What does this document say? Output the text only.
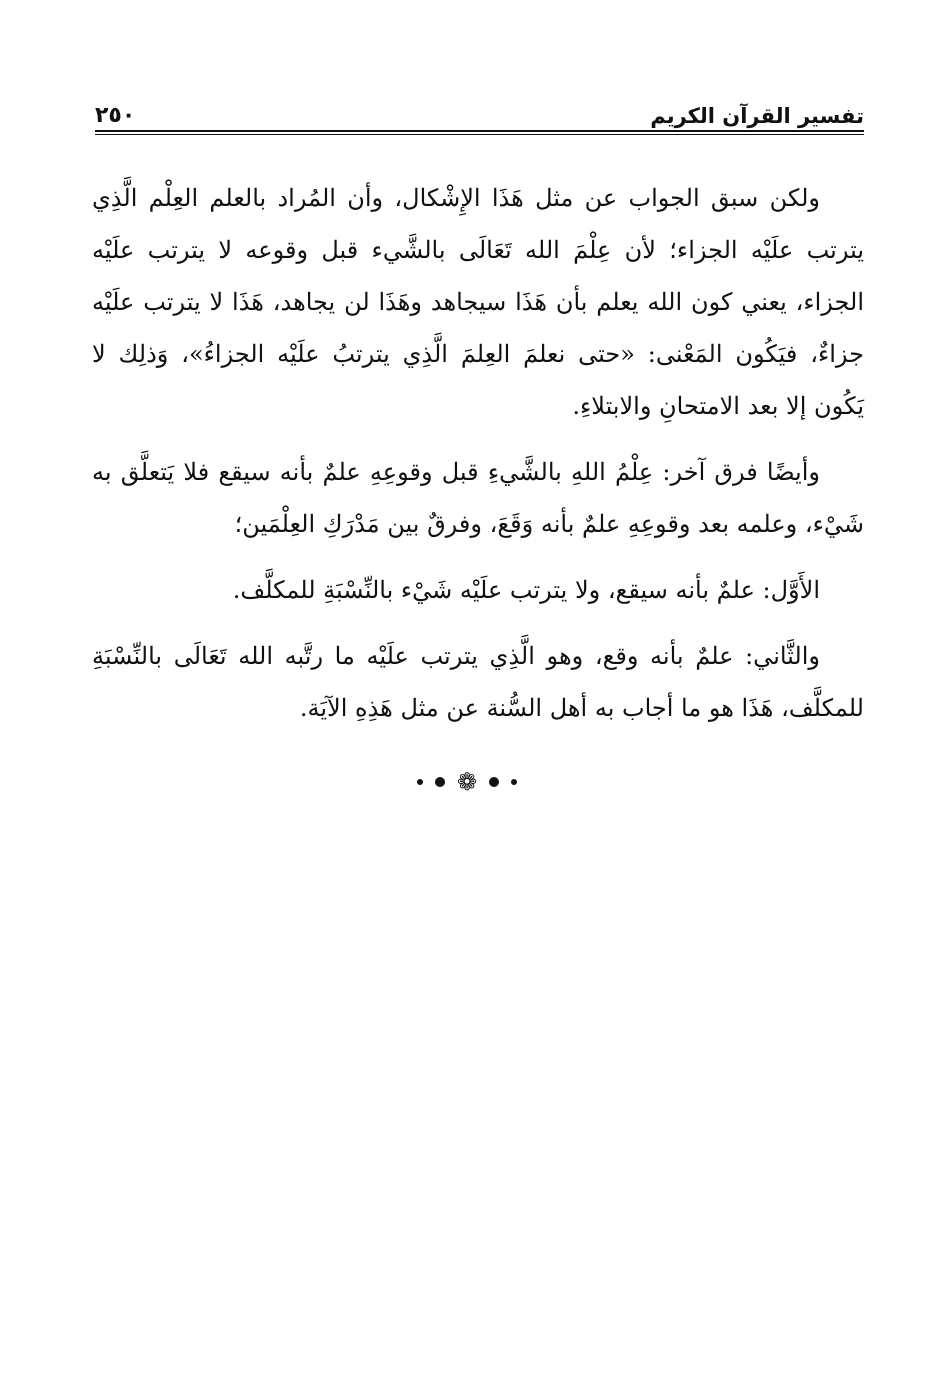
تفسير القرآن الكريم
٢٥٠

ولكن سبق الجواب عن مثل هَذَا الإِشْكال، وأن المُراد بالعلم العِلْم الَّذِي يترتب علَيْه الجزاء؛ لأن عِلْمَ الله تَعَالَى بالشَّيء قبل وقوعه لا يترتب علَيْه الجزاء، يعني كون الله يعلم بأن هَذَا سيجاهد وهَذَا لن يجاهد، هَذَا لا يترتب علَيْه جزاءٌ، فيَكُون المَعْنى: «حتى نعلمَ العِلمَ الَّذِي يترتبُ علَيْه الجزاءُ»، وَذلِك لا يَكُون إلا بعد الامتحانِ والابتلاءِ.

وأيضًا فرق آخر: عِلْمُ اللهِ بالشَّيءِ قبل وقوعِهِ علمٌ بأنه سيقع فلا يَتعلَّق به شَيْء، وعلمه بعد وقوعِهِ علمٌ بأنه وَقَعَ، وفرقٌ بين مَدْرَكِ العِلْمَين؛

الأَوَّل: علمٌ بأنه سيقع، ولا يترتب علَيْه شَيْء بالنِّسْبَةِ للمكلَّف.

والثَّاني: علمٌ بأنه وقع، وهو الَّذِي يترتب علَيْه ما رتَّبه الله تَعَالَى بالنِّسْبَةِ للمكلَّف، هَذَا هو ما أجاب به أهل السُّنة عن مثل هَذِهِ الآيَة.

❁
